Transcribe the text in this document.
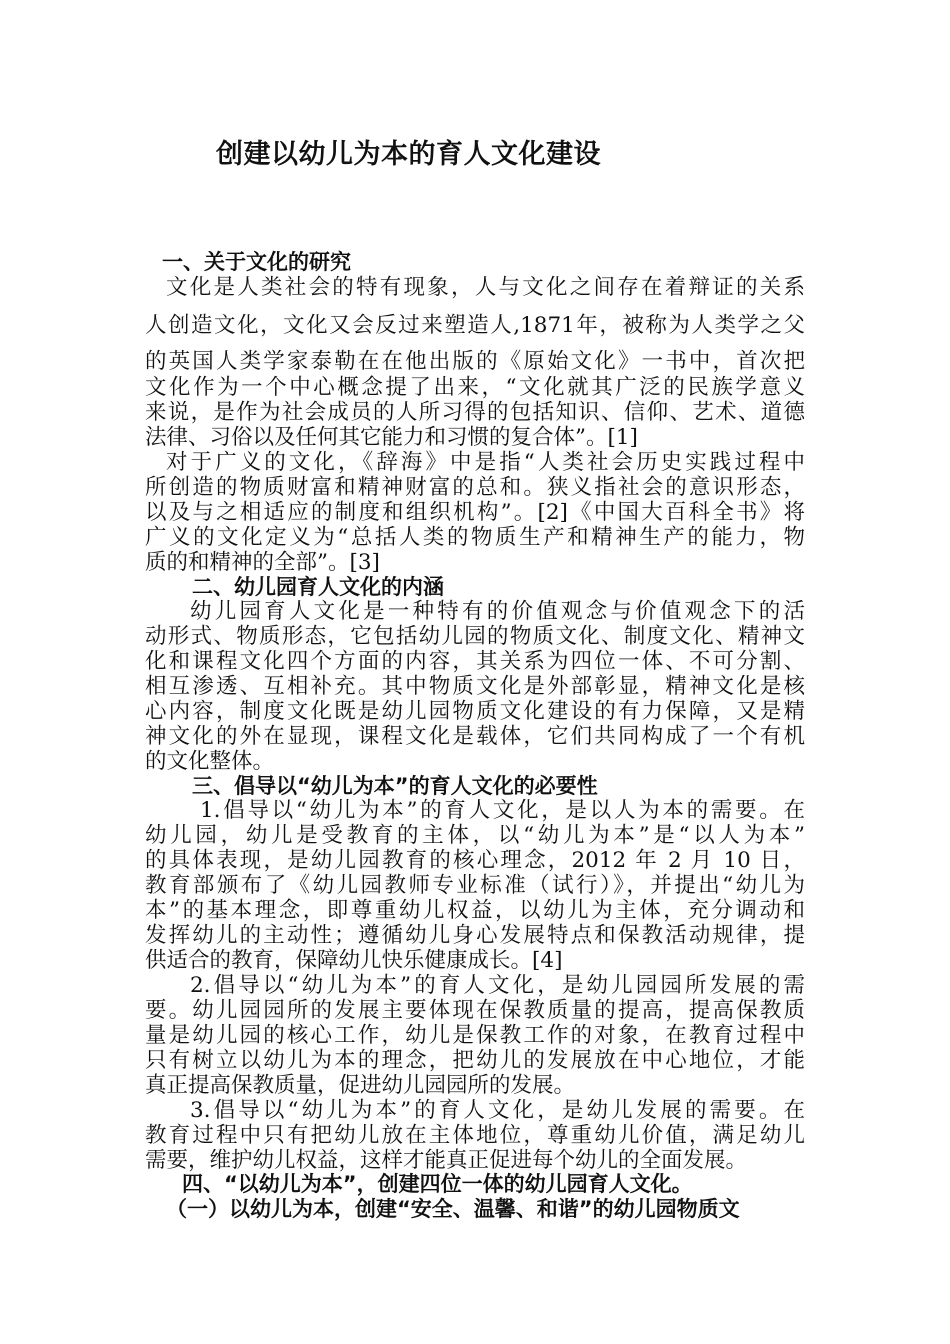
创建以幼儿为本的育人文化建设
一、关于文化的研究
文化是人类社会的特有现象，人与文化之间存在着辩证的关系
人创造文化，文化又会反过来塑造人,1871年，被称为人类学之父
的英国人类学家泰勒在在他出版的《原始文化》一书中，首次把
文化作为一个中心概念提了出来，“文化就其广泛的民族学意义
来说，是作为社会成员的人所习得的包括知识、信仰、艺术、道德
法律、习俗以及任何其它能力和习惯的复合体”。[1]
对于广义的文化，《辞海》中是指“人类社会历史实践过程中
所创造的物质财富和精神财富的总和。狭义指社会的意识形态，
以及与之相适应的制度和组织机构”。[2]《中国大百科全书》将
广义的文化定义为“总括人类的物质生产和精神生产的能力，物
质的和精神的全部”。[3]
二、幼儿园育人文化的内涵
幼儿园育人文化是一种特有的价值观念与价值观念下的活
动形式、物质形态，它包括幼儿园的物质文化、制度文化、精神文
化和课程文化四个方面的内容，其关系为四位一体、不可分割、
相互渗透、互相补充。其中物质文化是外部彰显，精神文化是核
心内容，制度文化既是幼儿园物质文化建设的有力保障，又是精
神文化的外在显现，课程文化是载体，它们共同构成了一个有机
的文化整体。
三、倡导以“幼儿为本”的育人文化的必要性
1.倡导以“幼儿为本”的育人文化，是以人为本的需要。在
幼儿园，幼儿是受教育的主体，以“幼儿为本”是“以人为本”
的具体表现，是幼儿园教育的核心理念，2012 年 2 月 10 日，
教育部颁布了《幼儿园教师专业标准（试行）》，并提出“幼儿为
本”的基本理念，即尊重幼儿权益，以幼儿为主体，充分调动和
发挥幼儿的主动性；遵循幼儿身心发展特点和保教活动规律，提
供适合的教育，保障幼儿快乐健康成长。[4]
2.倡导以“幼儿为本”的育人文化，是幼儿园园所发展的需
要。幼儿园园所的发展主要体现在保教质量的提高，提高保教质
量是幼儿园的核心工作，幼儿是保教工作的对象，在教育过程中
只有树立以幼儿为本的理念，把幼儿的发展放在中心地位，才能
真正提高保教质量，促进幼儿园园所的发展。
3.倡导以“幼儿为本”的育人文化，是幼儿发展的需要。在
教育过程中只有把幼儿放在主体地位，尊重幼儿价值，满足幼儿
需要，维护幼儿权益，这样才能真正促进每个幼儿的全面发展。
四、“以幼儿为本”，创建四位一体的幼儿园育人文化。
（一）以幼儿为本，创建“安全、温馨、和谐”的幼儿园物质文
